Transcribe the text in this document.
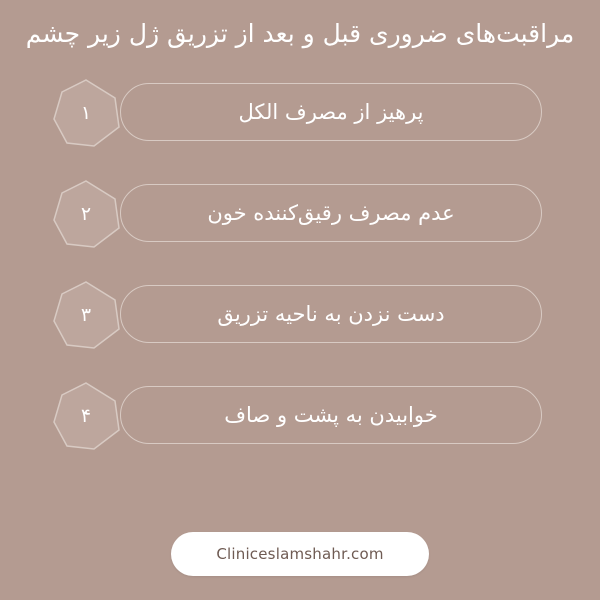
مراقبت‌های ضروری قبل و بعد از تزریق ژل زیر چشم
پرهیز از مصرف الکل
۱
عدم مصرف رقیق‌کننده خون
۲
دست نزدن به ناحیه تزریق
۳
خوابیدن به پشت و صاف
۴
Cliniceslamshahr.com
